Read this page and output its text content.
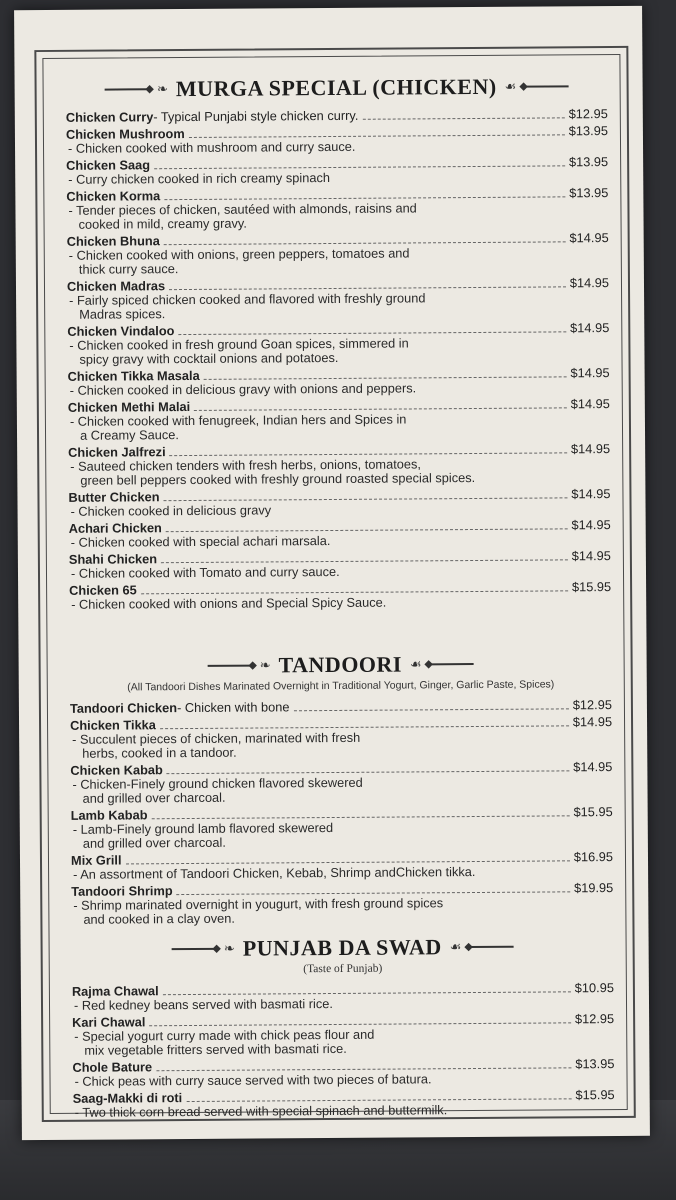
❧ MURGA SPECIAL (CHICKEN) ☙
Chicken Curry - Typical Punjabi style chicken curry.	$12.95
Chicken Mushroom	$13.95
- Chicken cooked with mushroom and curry sauce.
Chicken Saag	$13.95
- Curry chicken cooked in rich creamy spinach
Chicken Korma	$13.95
- Tender pieces of chicken, sautéed with almonds, raisins and
cooked in mild, creamy gravy.
Chicken Bhuna	$14.95
- Chicken cooked with onions, green peppers, tomatoes and
thick curry sauce.
Chicken Madras	$14.95
- Fairly spiced chicken cooked and flavored with freshly ground
Madras spices.
Chicken Vindaloo	$14.95
- Chicken cooked in fresh ground Goan spices, simmered in
spicy gravy with cocktail onions and potatoes.
Chicken Tikka Masala	$14.95
- Chicken cooked in delicious gravy with onions and peppers.
Chicken Methi Malai	$14.95
- Chicken cooked with fenugreek, Indian hers and Spices in
a Creamy Sauce.
Chicken Jalfrezi	$14.95
- Sauteed chicken tenders with fresh herbs, onions, tomatoes,
green bell peppers cooked with freshly ground roasted special spices.
Butter Chicken	$14.95
- Chicken cooked in delicious gravy
Achari Chicken	$14.95
- Chicken cooked with special achari marsala.
Shahi Chicken	$14.95
- Chicken cooked with Tomato and curry sauce.
Chicken 65	$15.95
- Chicken cooked with onions and Special Spicy Sauce.
❧ TANDOORI ☙
(All Tandoori Dishes Marinated Overnight in Traditional Yogurt, Ginger, Garlic Paste, Spices)
Tandoori Chicken - Chicken with bone	$12.95
Chicken Tikka	$14.95
- Succulent pieces of chicken, marinated with fresh
herbs, cooked in a tandoor.
Chicken Kabab	$14.95
- Chicken-Finely ground chicken flavored skewered
and grilled over charcoal.
Lamb Kabab	$15.95
- Lamb-Finely ground lamb flavored skewered
and grilled over charcoal.
Mix Grill	$16.95
- An assortment of Tandoori Chicken, Kebab, Shrimp andChicken tikka.
Tandoori Shrimp	$19.95
- Shrimp marinated overnight in yougurt, with fresh ground spices
and cooked in a clay oven.
❧ PUNJAB DA SWAD ☙
(Taste of Punjab)
Rajma Chawal	$10.95
- Red kedney beans served with basmati rice.
Kari Chawal	$12.95
- Special yogurt curry made with chick peas flour and
mix vegetable fritters served with basmati rice.
Chole Bature	$13.95
- Chick peas with curry sauce served with two pieces of batura.
Saag-Makki di roti	$15.95
- Two thick corn bread served with special spinach and buttermilk.
